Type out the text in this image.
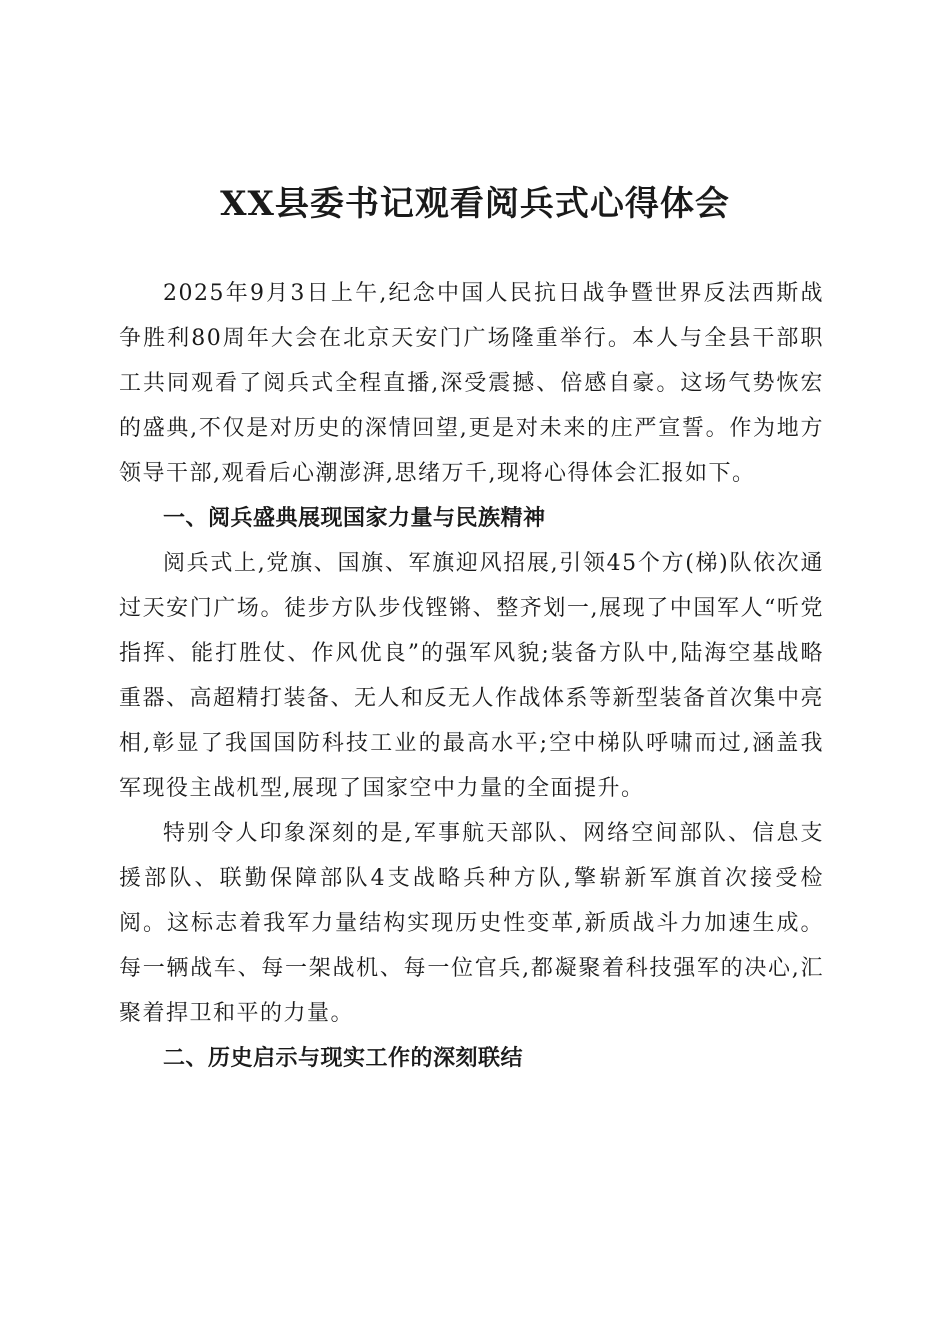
XX县委书记观看阅兵式心得体会

2025年9月3日上午,纪念中国人民抗日战争暨世界反法西斯战争胜利80周年大会在北京天安门广场隆重举行。本人与全县干部职工共同观看了阅兵式全程直播,深受震撼、倍感自豪。这场气势恢宏的盛典,不仅是对历史的深情回望,更是对未来的庄严宣誓。作为地方领导干部,观看后心潮澎湃,思绪万千,现将心得体会汇报如下。

一、阅兵盛典展现国家力量与民族精神

阅兵式上,党旗、国旗、军旗迎风招展,引领45个方(梯)队依次通过天安门广场。徒步方队步伐铿锵、整齐划一,展现了中国军人“听党指挥、能打胜仗、作风优良”的强军风貌;装备方队中,陆海空基战略重器、高超精打装备、无人和反无人作战体系等新型装备首次集中亮相,彰显了我国国防科技工业的最高水平;空中梯队呼啸而过,涵盖我军现役主战机型,展现了国家空中力量的全面提升。

特别令人印象深刻的是,军事航天部队、网络空间部队、信息支援部队、联勤保障部队4支战略兵种方队,擎崭新军旗首次接受检阅。这标志着我军力量结构实现历史性变革,新质战斗力加速生成。每一辆战车、每一架战机、每一位官兵,都凝聚着科技强军的决心,汇聚着捍卫和平的力量。

二、历史启示与现实工作的深刻联结
